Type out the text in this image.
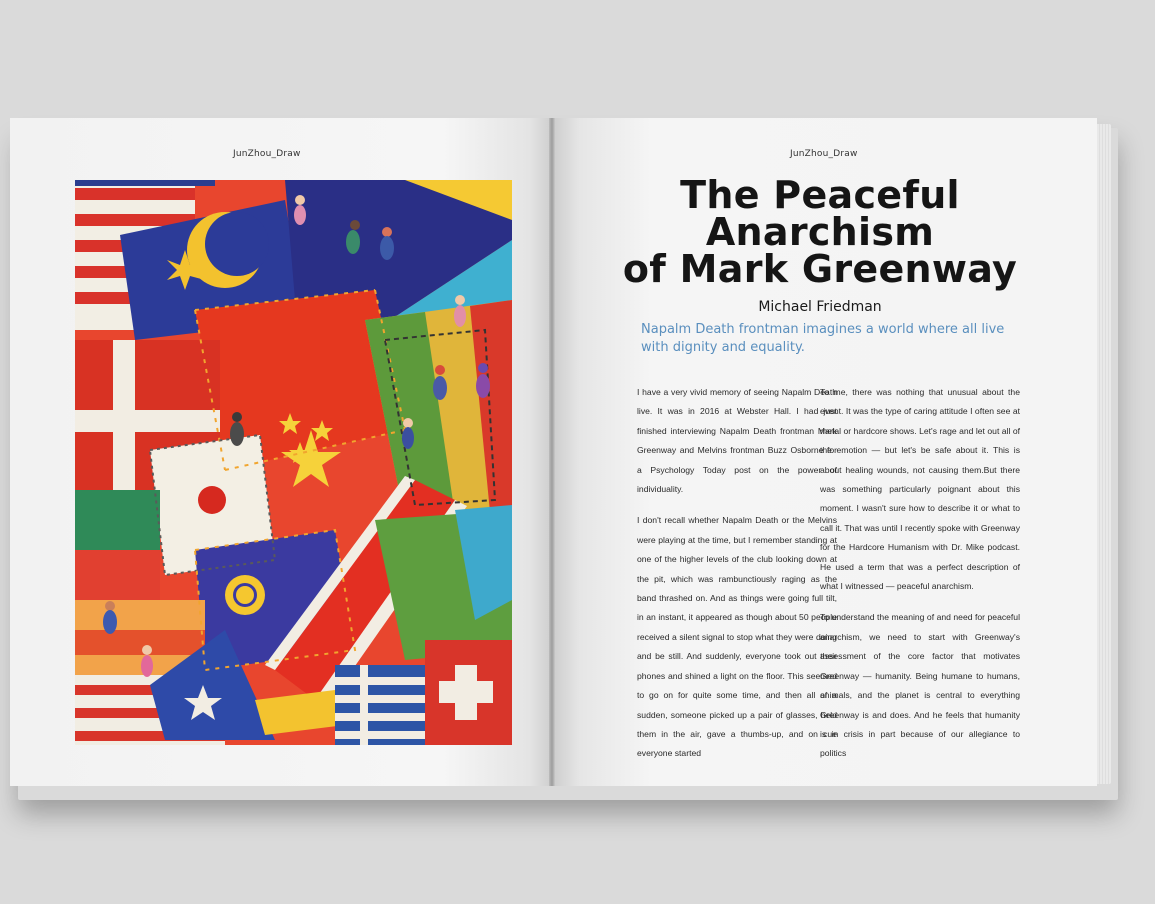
JunZhou_Draw	JunZhou_Draw
The Peaceful
Anarchism
of Mark Greenway

Michael Friedman

Napalm Death frontman imagines a world where all live with dignity and equality.

I have a very vivid memory of seeing Napalm Death live. It was in 2016 at Webster Hall. I had just finished interviewing Napalm Death frontman Mark Greenway and Melvins frontman Buzz Osborne for a Psychology Today post on the power of individuality.

I don't recall whether Napalm Death or the Melvins were playing at the time, but I remember standing at one of the higher levels of the club looking down at the pit, which was rambunctiously raging as the band thrashed on. And as things were going full tilt, in an instant, it appeared as though about 50 people received a silent signal to stop what they were doing and be still. And suddenly, everyone took out their phones and shined a light on the floor. This seemed to go on for quite some time, and then all of a sudden, someone picked up a pair of glasses, held them in the air, gave a thumbs-up, and on cue everyone started

To me, there was nothing that unusual about the event. It was the type of caring attitude I often see at metal or hardcore shows. Let's rage and let out all of the emotion — but let's be safe about it. This is about healing wounds, not causing them.But there was something particularly poignant about this moment. I wasn't sure how to describe it or what to call it. That was until I recently spoke with Greenway for the Hardcore Humanism with Dr. Mike podcast. He used a term that was a perfect description of what I witnessed — peaceful anarchism.

To understand the meaning of and need for peaceful anarchism, we need to start with Greenway's assessment of the core factor that motivates Greenway — humanity. Being humane to humans, animals, and the planet is central to everything Greenway is and does. And he feels that humanity is in crisis in part because of our allegiance to politics
